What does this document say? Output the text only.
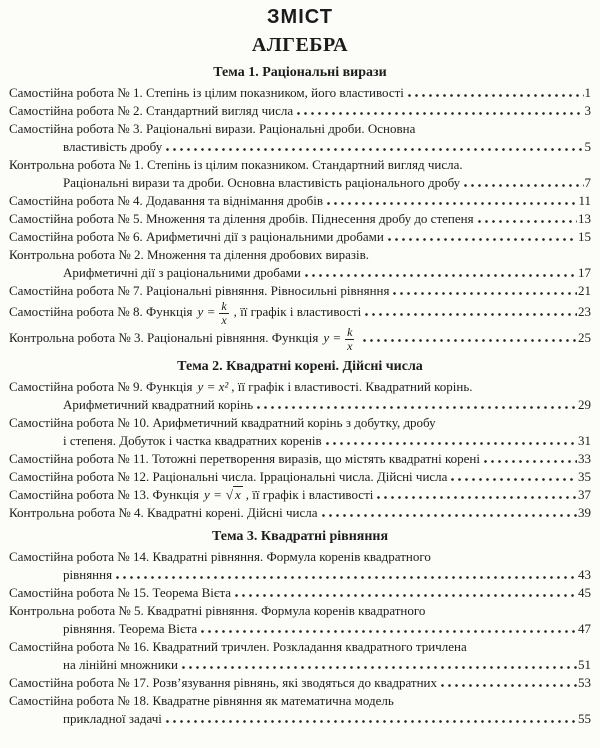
ЗМІСТ
АЛГЕБРА
Тема 1. Раціональні вирази
Самостійна робота № 1. Степінь із цілим показником, його властивості	1
Самостійна робота № 2. Стандартний вигляд числа	3
Самостійна робота № 3. Раціональні вирази. Раціональні дроби. Основна
властивість дробу	5
Контрольна робота № 1. Степінь із цілим показником. Стандартний вигляд числа.
Раціональні вирази та дроби. Основна властивість раціонального дробу	7
Самостійна робота № 4. Додавання та віднімання дробів	11
Самостійна робота № 5. Множення та ділення дробів. Піднесення дробу до степеня	13
Самостійна робота № 6. Арифметичні дії з раціональними дробами	15
Контрольна робота № 2. Множення та ділення дробових виразів.
Арифметичні дії з раціональними дробами	17
Самостійна робота № 7. Раціональні рівняння. Рівносильні рівняння	21
Самостійна робота № 8. Функція $y = \frac{k}{x}$ , її графік і властивості	23
Контрольна робота № 3. Раціональні рівняння. Функція $y = \frac{k}{x}$	25
Тема 2. Квадратні корені. Дійсні числа
Самостійна робота № 9. Функція y = x² , її графік і властивості. Квадратний корінь.
Арифметичний квадратний корінь	29
Самостійна робота № 10. Арифметичний квадратний корінь з добутку, дробу
і степеня. Добуток і частка квадратних коренів	31
Самостійна робота № 11. Тотожні перетворення виразів, що містять квадратні корені	33
Самостійна робота № 12. Раціональні числа. Ірраціональні числа. Дійсні числа	35
Самостійна робота № 13. Функція y = √ x , її графік і властивості	37
Контрольна робота № 4. Квадратні корені. Дійсні числа	39
Тема 3. Квадратні рівняння
Самостійна робота № 14. Квадратні рівняння. Формула коренів квадратного
рівняння	43
Самостійна робота № 15. Теорема Вієта	45
Контрольна робота № 5. Квадратні рівняння. Формула коренів квадратного
рівняння. Теорема Вієта	47
Самостійна робота № 16. Квадратний тричлен. Розкладання квадратного тричлена
на лінійні множники	51
Самостійна робота № 17. Розв’язування рівнянь, які зводяться до квадратних	53
Самостійна робота № 18. Квадратне рівняння як математична модель
прикладної задачі	55
